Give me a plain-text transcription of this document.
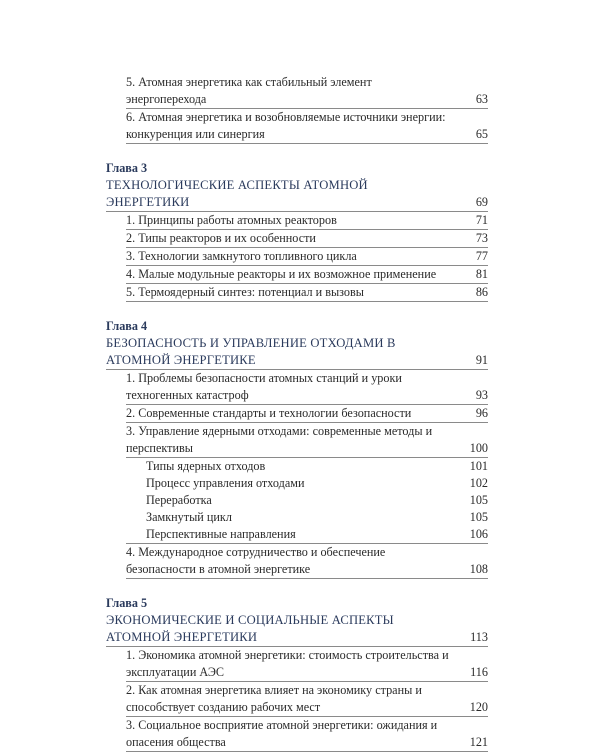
5. Атомная энергетика как стабильный элемент энергоперехода	63
6. Атомная энергетика и возобновляемые источники энергии: конкуренция или синергия	65
Глава 3
ТЕХНОЛОГИЧЕСКИЕ АСПЕКТЫ АТОМНОЙ ЭНЕРГЕТИКИ	69
1. Принципы работы атомных реакторов	71
2. Типы реакторов и их особенности	73
3. Технологии замкнутого топливного цикла	77
4. Малые модульные реакторы и их возможное применение	81
5. Термоядерный синтез: потенциал и вызовы	86
Глава 4
БЕЗОПАСНОСТЬ И УПРАВЛЕНИЕ ОТХОДАМИ В АТОМНОЙ ЭНЕРГЕТИКЕ	91
1. Проблемы безопасности атомных станций и уроки техногенных катастроф	93
2. Современные стандарты и технологии безопасности	96
3. Управление ядерными отходами: современные методы и перспективы	100
Типы ядерных отходов	101
Процесс управления отходами	102
Переработка	105
Замкнутый цикл	105
Перспективные направления	106
4. Международное сотрудничество и обеспечение безопасности в атомной энергетике	108
Глава 5
ЭКОНОМИЧЕСКИЕ И СОЦИАЛЬНЫЕ АСПЕКТЫ АТОМНОЙ ЭНЕРГЕТИКИ	113
1. Экономика атомной энергетики: стоимость строительства и эксплуатации АЭС	116
2. Как атомная энергетика влияет на экономику страны и способствует созданию рабочих мест	120
3. Социальное восприятие атомной энергетики: ожидания и опасения общества	121
